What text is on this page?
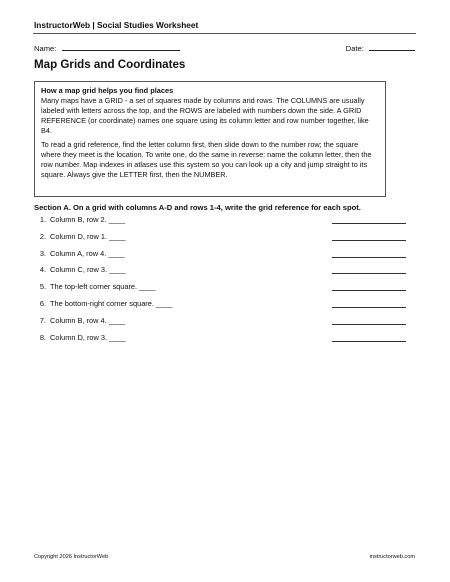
InstructorWeb | Social Studies Worksheet
Name:	Date:
Map Grids and Coordinates
How a map grid helps you find places

Many maps have a GRID - a set of squares made by columns and rows. The COLUMNS are usually labeled with letters across the top, and the ROWS are labeled with numbers down the side. A GRID REFERENCE (or coordinate) names one square using its column letter and row number together, like B4.

To read a grid reference, find the letter column first, then slide down to the number row; the square where they meet is the location. To write one, do the same in reverse: name the column letter, then the row number. Map indexes in atlases use this system so you can look up a city and jump straight to its square. Always give the LETTER first, then the NUMBER.

Section A. On a grid with columns A-D and rows 1-4, write the grid reference for each spot.
1. Column B, row 2. ____
2. Column D, row 1. ____
3. Column A, row 4. ____
4. Column C, row 3. ____
5. The top-left corner square. ____
6. The bottom-right corner square. ____
7. Column B, row 4. ____
8. Column D, row 3. ____
Copyright 2026 InstructorWeb	instructorweb.com
